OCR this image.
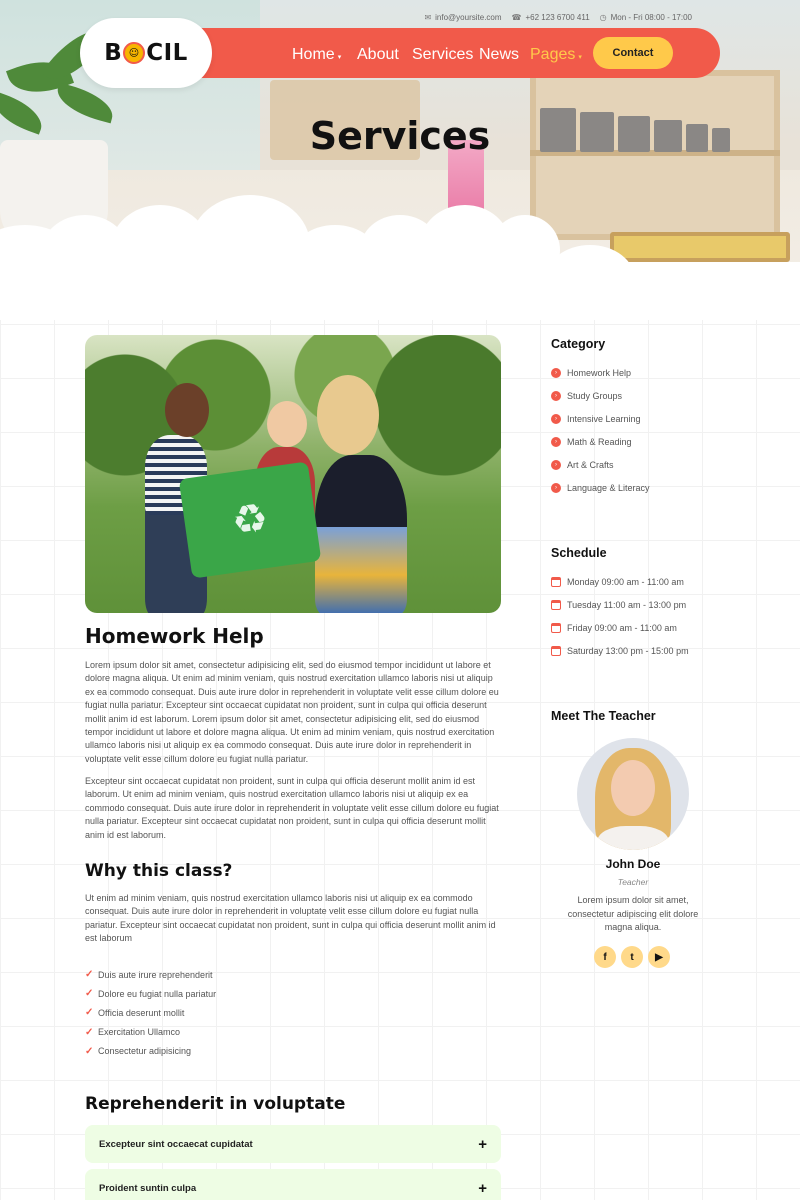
✉ info@yoursite.com ☎ +62 123 6700 411 ◷ Mon - Fri 08:00 - 17:00
B ☺ CIL	Home ▾ About Services News Pages ▾	Contact
Services
♻
Homework Help

Lorem ipsum dolor sit amet, consectetur adipisicing elit, sed do eiusmod tempor incididunt ut labore et dolore magna aliqua. Ut enim ad minim veniam, quis nostrud exercitation ullamco laboris nisi ut aliquip ex ea commodo consequat. Duis aute irure dolor in reprehenderit in voluptate velit esse cillum dolore eu fugiat nulla pariatur. Excepteur sint occaecat cupidatat non proident, sunt in culpa qui officia deserunt mollit anim id est laborum. Lorem ipsum dolor sit amet, consectetur adipisicing elit, sed do eiusmod tempor incididunt ut labore et dolore magna aliqua. Ut enim ad minim veniam, quis nostrud exercitation ullamco laboris nisi ut aliquip ex ea commodo consequat. Duis aute irure dolor in reprehenderit in voluptate velit esse cillum dolore eu fugiat nulla pariatur.

Excepteur sint occaecat cupidatat non proident, sunt in culpa qui officia deserunt mollit anim id est laborum. Ut enim ad minim veniam, quis nostrud exercitation ullamco laboris nisi ut aliquip ex ea commodo consequat. Duis aute irure dolor in reprehenderit in voluptate velit esse cillum dolore eu fugiat nulla pariatur. Excepteur sint occaecat cupidatat non proident, sunt in culpa qui officia deserunt mollit anim id est laborum.

Why this class?

Ut enim ad minim veniam, quis nostrud exercitation ullamco laboris nisi ut aliquip ex ea commodo consequat. Duis aute irure dolor in reprehenderit in voluptate velit esse cillum dolore eu fugiat nulla pariatur. Excepteur sint occaecat cupidatat non proident, sunt in culpa qui officia deserunt mollit anim id est laborum

✓ Duis aute irure reprehenderit
✓ Dolore eu fugiat nulla pariatur
✓ Officia deserunt mollit
✓ Exercitation Ullamco
✓ Consectetur adipisicing
Reprehenderit in voluptate
Excepteur sint occaecat cupidatat	+
Proident suntin culpa	+
Category
›	Homework Help
›	Study Groups
›	Intensive Learning
›	Math & Reading
›	Art & Crafts
›	Language & Literacy
Schedule
Monday 09:00 am - 11:00 am
Tuesday 11:00 am - 13:00 pm
Friday 09:00 am - 11:00 am
Saturday 13:00 pm - 15:00 pm
Meet The Teacher
John Doe
Teacher

Lorem ipsum dolor sit amet, consectetur adipiscing elit dolore magna aliqua.

f	t	▶
